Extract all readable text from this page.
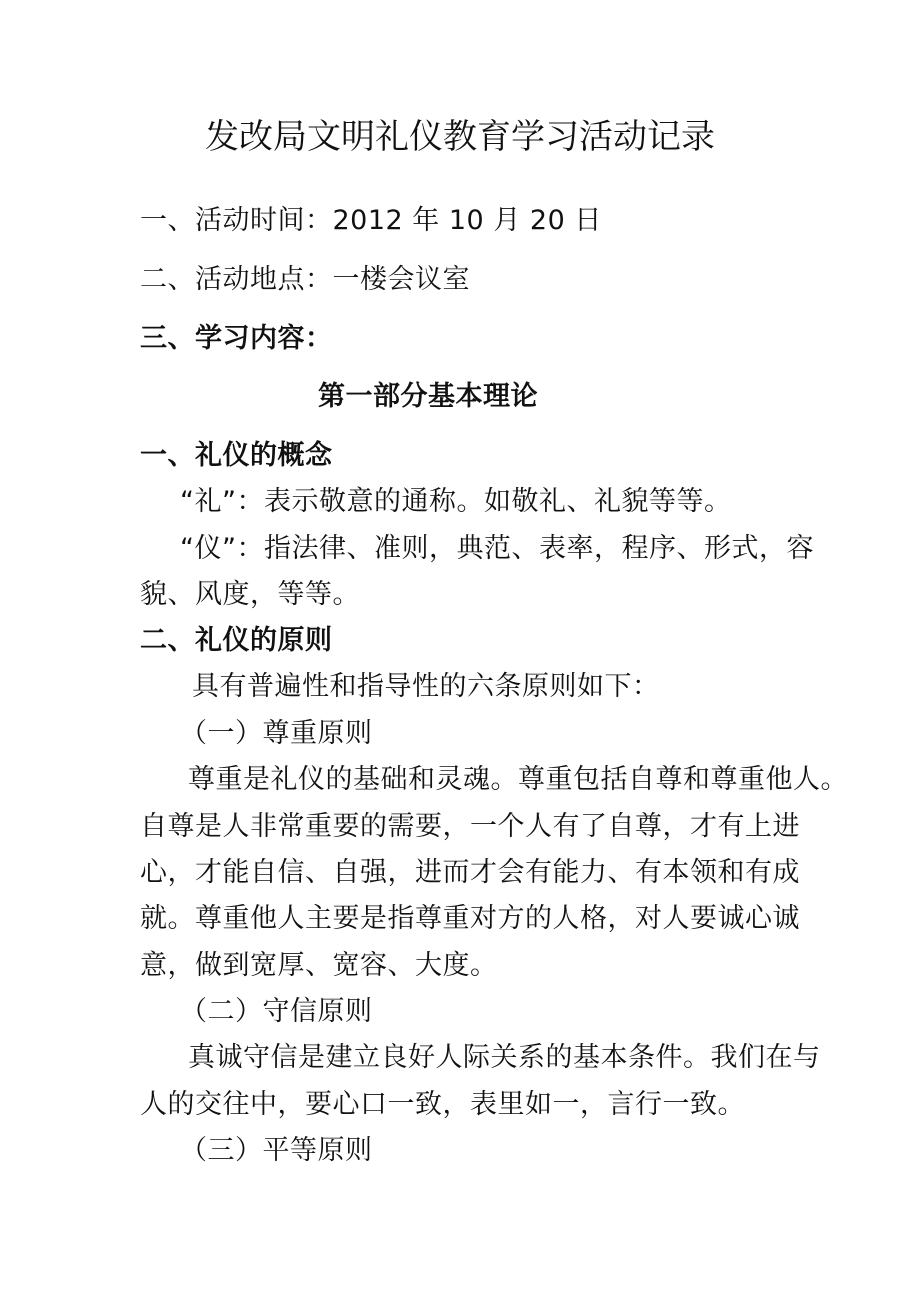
发改局文明礼仪教育学习活动记录
一、活动时间：2012 年 10 月 20 日
二、活动地点：一楼会议室
三、学习内容：
第一部分基本理论
一、礼仪的概念
“礼”：表示敬意的通称。如敬礼、礼貌等等。
“仪”：指法律、准则，典范、表率，程序、形式，容
貌、风度，等等。
二、礼仪的原则
具有普遍性和指导性的六条原则如下：
（一）尊重原则
尊重是礼仪的基础和灵魂。尊重包括自尊和尊重他人。
自尊是人非常重要的需要，一个人有了自尊，才有上进
心，才能自信、自强，进而才会有能力、有本领和有成
就。尊重他人主要是指尊重对方的人格，对人要诚心诚
意，做到宽厚、宽容、大度。
（二）守信原则
真诚守信是建立良好人际关系的基本条件。我们在与
人的交往中，要心口一致，表里如一，言行一致。
（三）平等原则
